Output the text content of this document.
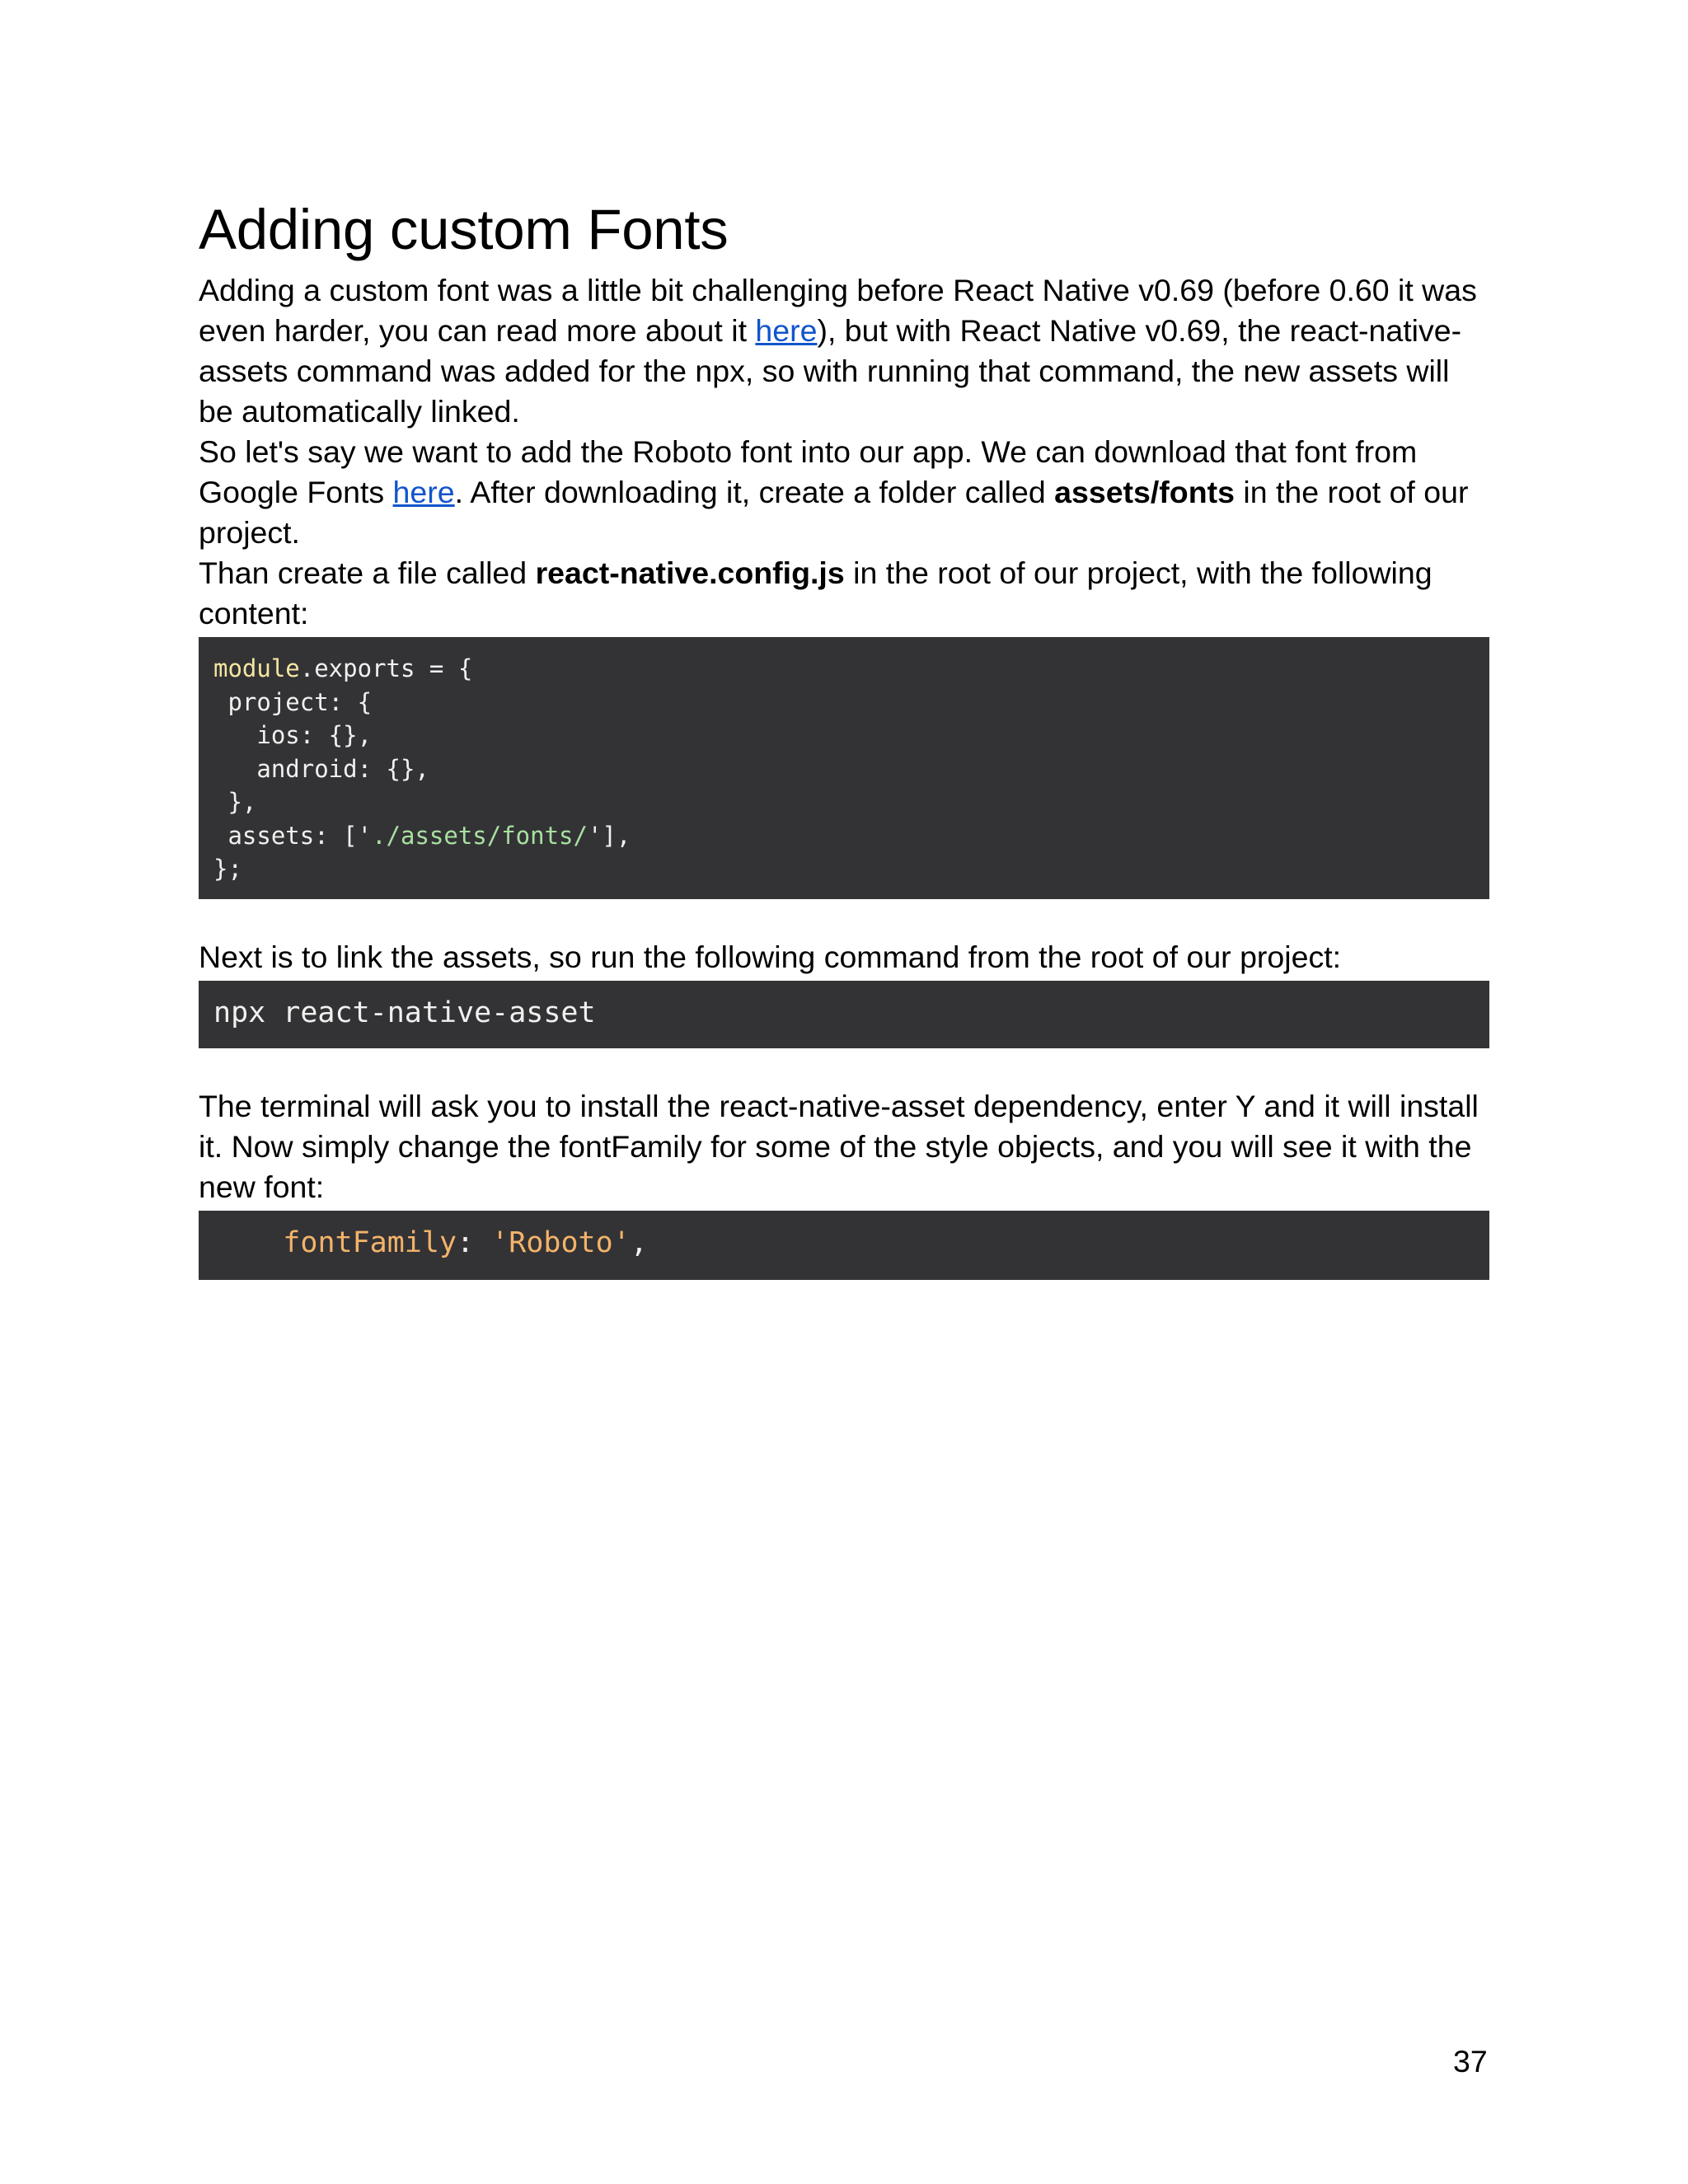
Adding custom Fonts

Adding a custom font was a little bit challenging before React Native v0.69 (before 0.60 it was even harder, you can read more about it here), but with React Native v0.69, the react-native-assets command was added for the npx, so with running that command, the new assets will be automatically linked.

So let's say we want to add the Roboto font into our app. We can download that font from Google Fonts here. After downloading it, create a folder called assets/fonts in the root of our project.

Than create a file called react-native.config.js in the root of our project, with the following content:

module.exports = {
project: {
ios: {},
android: {},
},
assets: ['./assets/fonts/'],
};

Next is to link the assets, so run the following command from the root of our project:

npx react-native-asset

The terminal will ask you to install the react-native-asset dependency, enter Y and it will install it. Now simply change the fontFamily for some of the style objects, and you will see it with the new font:

fontFamily: 'Roboto',
37
